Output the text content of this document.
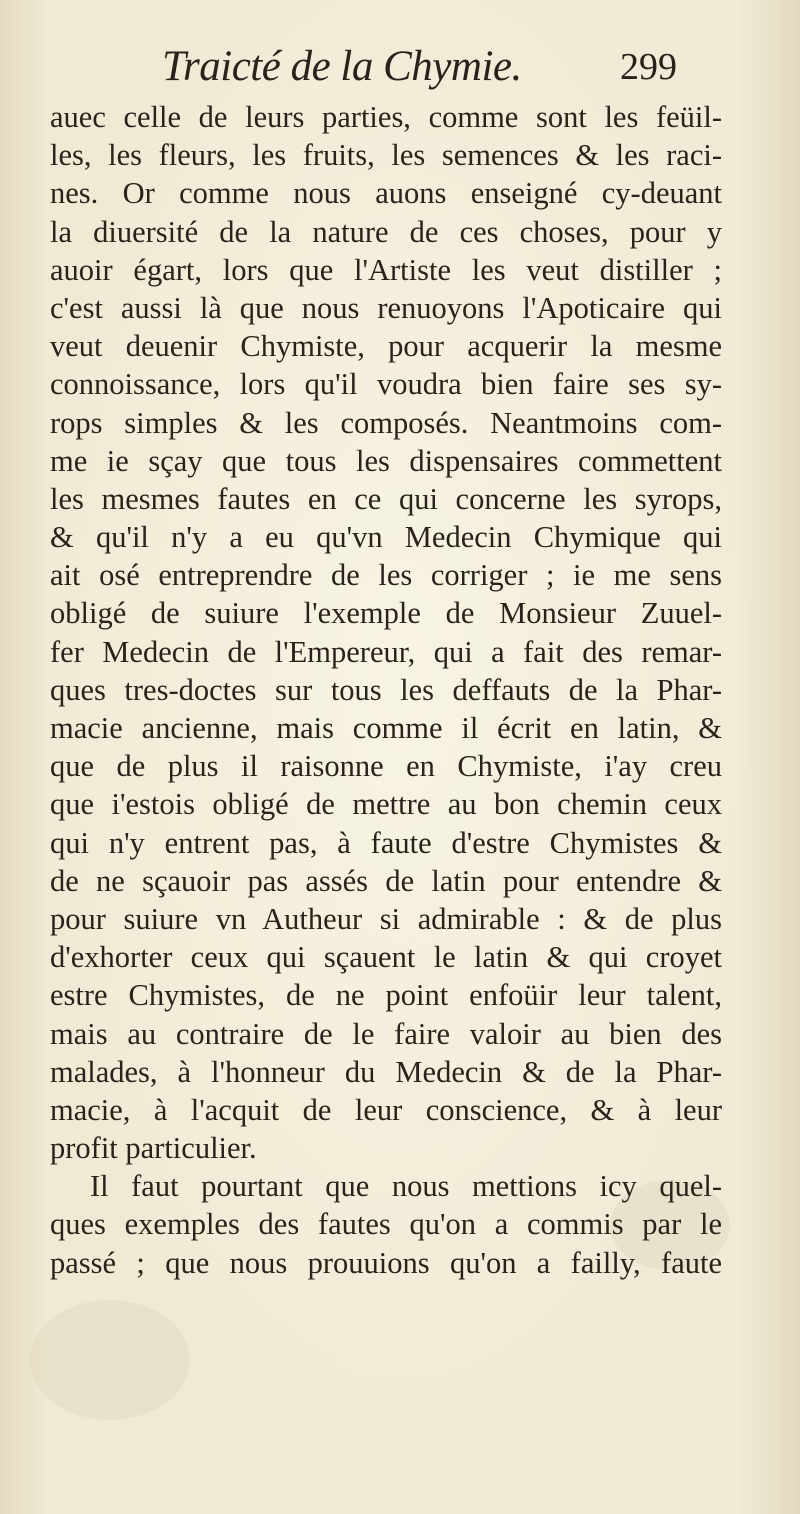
Traicté de la Chymie.	299
auec celle de leurs parties, comme sont les feüil-
les, les fleurs, les fruits, les semences & les raci-
nes. Or comme nous auons enseigné cy-deuant
la diuersité de la nature de ces choses, pour y
auoir égart, lors que l'Artiste les veut distiller ;
c'est aussi là que nous renuoyons l'Apoticaire qui
veut deuenir Chymiste, pour acquerir la mesme
connoissance, lors qu'il voudra bien faire ses sy-
rops simples & les composés. Neantmoins com-
me ie sçay que tous les dispensaires commettent
les mesmes fautes en ce qui concerne les syrops,
& qu'il n'y a eu qu'vn Medecin Chymique qui
ait osé entreprendre de les corriger ; ie me sens
obligé de suiure l'exemple de Monsieur Zuuel-
fer Medecin de l'Empereur, qui a fait des remar-
ques tres-doctes sur tous les deffauts de la Phar-
macie ancienne, mais comme il écrit en latin, &
que de plus il raisonne en Chymiste, i'ay creu
que i'estois obligé de mettre au bon chemin ceux
qui n'y entrent pas, à faute d'estre Chymistes &
de ne sçauoir pas assés de latin pour entendre &
pour suiure vn Autheur si admirable : & de plus
d'exhorter ceux qui sçauent le latin & qui croyet
estre Chymistes, de ne point enfoüir leur talent,
mais au contraire de le faire valoir au bien des
malades, à l'honneur du Medecin & de la Phar-
macie, à l'acquit de leur conscience, & à leur
profit particulier.
Il faut pourtant que nous mettions icy quel-
ques exemples des fautes qu'on a commis par le
passé ; que nous prouuions qu'on a failly, faute
